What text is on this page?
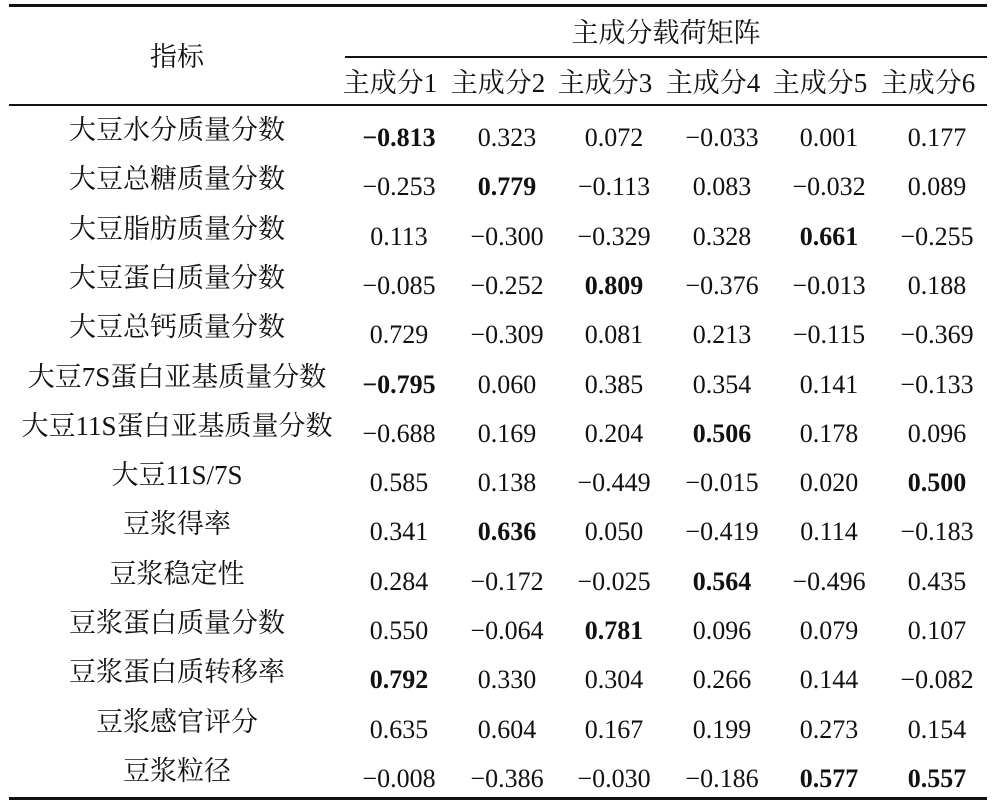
指标
主成分载荷矩阵
主成分1 主成分2 主成分3 主成分4 主成分5 主成分6
大豆水分质量分数	−0.813	0.323	0.072	−0.033	0.001	0.177
大豆总糖质量分数	−0.253	0.779	−0.113	0.083	−0.032	0.089
大豆脂肪质量分数	0.113	−0.300	−0.329	0.328	0.661	−0.255
大豆蛋白质量分数	−0.085	−0.252	0.809	−0.376	−0.013	0.188
大豆总钙质量分数	0.729	−0.309	0.081	0.213	−0.115	−0.369
大豆7S蛋白亚基质量分数	−0.795	0.060	0.385	0.354	0.141	−0.133
大豆11S蛋白亚基质量分数	−0.688	0.169	0.204	0.506	0.178	0.096
大豆11S/7S	0.585	0.138	−0.449	−0.015	0.020	0.500
豆浆得率	0.341	0.636	0.050	−0.419	0.114	−0.183
豆浆稳定性	0.284	−0.172	−0.025	0.564	−0.496	0.435
豆浆蛋白质量分数	0.550	−0.064	0.781	0.096	0.079	0.107
豆浆蛋白质转移率	0.792	0.330	0.304	0.266	0.144	−0.082
豆浆感官评分	0.635	0.604	0.167	0.199	0.273	0.154
豆浆粒径	−0.008	−0.386	−0.030	−0.186	0.577	0.557
